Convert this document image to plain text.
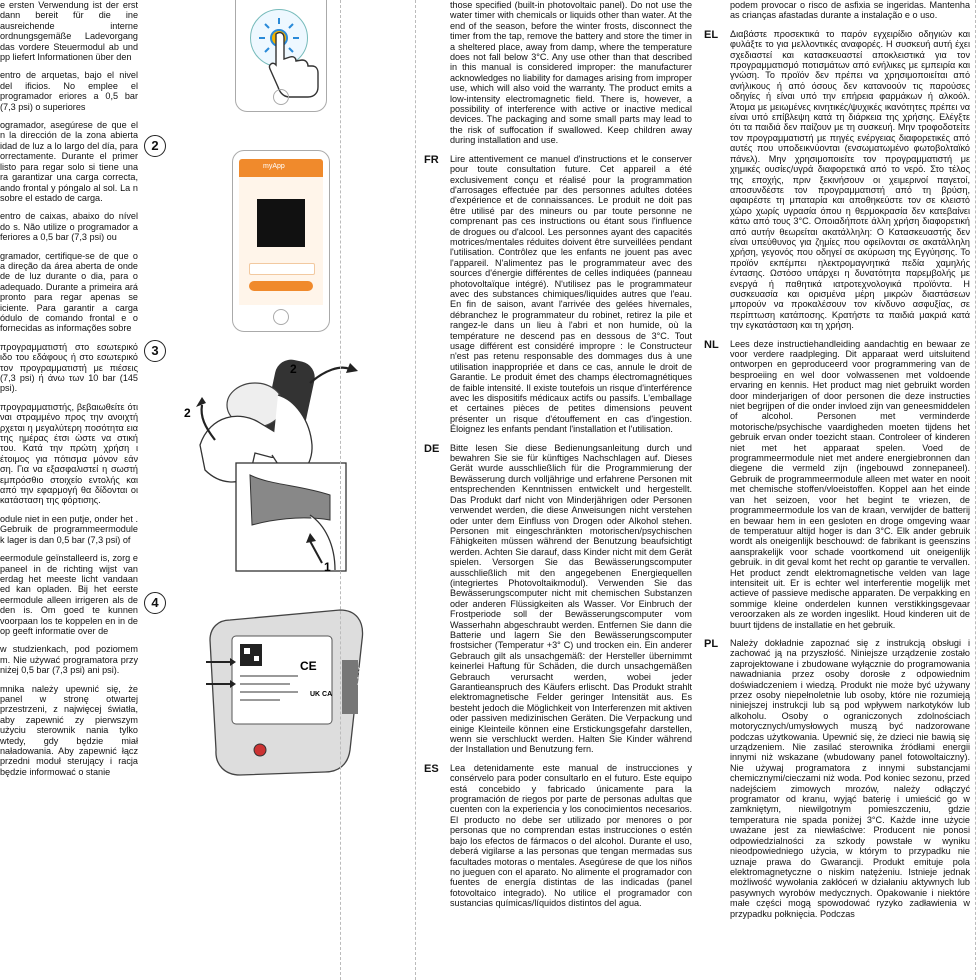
e ersten Verwendung ist der erst dann bereit für die ine ausreichende interne ordnungsgemäße Ladevorgang das vordere Steuermodul ab und pp liefert Informationen über den

entro de arquetas, bajo el nivel del ificios. No emplee el programador eriores a 0,5 bar (7,3 psi) o superiores

ogramador, asegúrese de que el n la dirección de la zona abierta idad de luz a lo largo del día, para orrectamente. Durante el primer listo para regar solo si tiene una ra garantizar una carga correcta, ando frontal y póngalo al sol. La n sobre el estado de carga.

entro de caixas, abaixo do nível do s. Não utilize o programador a feriores a 0,5 bar (7,3 psi) ou

gramador, certifique-se de que o a direção da área aberta de onde de de luz durante o dia, para o adequado. Durante a primeira ará pronto para regar apenas se iciente. Para garantir a carga ódulo de comando frontal e o fornecidas as informações sobre

προγραμματιστή στο εσωτερικό ιδο του εδάφους ή στο εσωτερικό τον προγραμματιστή με πιέσεις (7,3 psi) ή άνω των 10 bar (145 psi).

προγραμματιστής, βεβαιωθείτε ότι ναι στραμμένο προς την ανοιχτή ρχεται η μεγαλύτερη ποσότητα εια της ημέρας έτσι ώστε να στική του. Κατά την πρώτη χρήση ι έτοιμος για πότισμα μόνον εάν ση. Για να εξασφαλιστεί η σωστή εμπρόσθιο στοιχείο εντολής και από την εφαρμογή θα δίδονται οι κατάσταση της φόρτισης.

odule niet in een putje, onder het . Gebruik de programmeermodule k lager is dan 0,5 bar (7,3 psi) of

eermodule geïnstalleerd is, zorg e paneel in de richting wijst van erdag het meeste licht vandaan ed kan opladen. Bij het eerste eermodule alleen irrigeren als de den is. Om goed te kunnen voorpaan los te koppelen en in de op geeft informatie over de

w studzienkach, pod poziomem m. Nie używać programatora przy niżej 0,5 bar (7,3 psi) ani psi).

mnika należy upewnić się, że panel w stronę otwartej przestrzeni, z najwięcej światła, aby zapewnić zy pierwszym użyciu sterownik nania tylko wtedy, gdy będzie miał naładowania. Aby zapewnić łącz przedni moduł sterujący i racja będzie informować o stanie

2
myApp
3
2
2
1
4
CE
UK CA
claber

those specified (built-in photovoltaic panel). Do not use the water timer with chemicals or liquids other than water. At the end of the season, before the winter frosts, disconnect the timer from the tap, remove the battery and store the timer in a sheltered place, away from damp, where the temperature does not fall below 3°C. Any use other than that described in this manual is considered improper: the manufacturer acknowledges no liability for damages arising from improper use, which will also void the warranty. The product emits a low-intensity electromagnetic field. There is, however, a possibility of interference with active or inactive medical devices. The packaging and some small parts may lead to the risk of suffocation if swallowed. Keep children away during installation and use.

FR Lire attentivement ce manuel d'instructions et le conserver pour toute consultation future. Cet appareil a été exclusivement conçu et réalisé pour la programmation d'arrosages effectuée par des personnes adultes dotées d'expérience et de connaissances. Le produit ne doit pas être utilisé par des mineurs ou par toute personne ne comprenant pas ces instructions ou étant sous l'influence de drogues ou d'alcool. Les personnes ayant des capacités motrices/mentales réduites doivent être surveillées pendant l'utilisation. Contrôlez que les enfants ne jouent pas avec l'appareil. N'alimentez pas le programmateur avec des sources d'énergie différentes de celles indiquées (panneau photovoltaïque intégré). N'utilisez pas le programmateur avec des substances chimiques/liquides autres que l'eau. En fin de saison, avant l'arrivée des gelées hivernales, débranchez le programmateur du robinet, retirez la pile et rangez-le dans un lieu à l'abri et non humide, où la température ne descend pas en dessous de 3°C. Tout usage différent est considéré impropre : le Constructeur n'est pas retenu responsable des dommages dus à une utilisation inappropriée et dans ce cas, annule le droit de Garantie. Le produit émet des champs électromagnétiques de faible intensité. Il existe toutefois un risque d'interférence avec les dispositifs médicaux actifs ou passifs. L'emballage et certaines pièces de petites dimensions peuvent présenter un risque d'étouffement en cas d'ingestion. Éloignez les enfants pendant l'installation et l'utilisation.

DE Bitte lesen Sie diese Bedienungsanleitung durch und bewahren Sie sie für künftiges Nachschlagen auf. Dieses Gerät wurde ausschließlich für die Programmierung der Bewässerung durch volljährige und erfahrene Personen mit entsprechenden Kenntnissen entwickelt und hergestellt. Das Produkt darf nicht von Minderjährigen oder Personen verwendet werden, die diese Anweisungen nicht verstehen oder unter dem Einfluss von Drogen oder Alkohol stehen. Personen mit eingeschränkten motorischen/psychischen Fähigkeiten müssen während der Benutzung beaufsichtigt werden. Achten Sie darauf, dass Kinder nicht mit dem Gerät spielen. Versorgen Sie das Bewässerungscomputer ausschließlich mit den angegebenen Energiequellen (integriertes Photovoltaikmodul). Verwenden Sie das Bewässerungscomputer nicht mit chemischen Substanzen oder anderen Flüssigkeiten als Wasser. Vor Einbruch der Frostperiode soll der Bewässerungscomputer vom Wasserhahn abgeschraubt werden. Entfernen Sie dann die Batterie und lagern Sie den Bewässerungscomputer frostsicher (Temperatur +3° C) und trocken ein. Ein anderer Gebrauch gilt als unsachgemäß: der Hersteller übernimmt keinerlei Haftung für Schäden, die durch unsachgemäßen Gebrauch verursacht werden, wobei jeder Garantieanspruch des Käufers erlischt. Das Produkt strahlt elektromagnetische Felder geringer Intensität aus. Es besteht jedoch die Möglichkeit von Interferenzen mit aktiven oder passiven medizinischen Geräten. Die Verpackung und einige Kleinteile können eine Erstickungsgefahr darstellen, wenn sie verschluckt werden. Halten Sie Kinder während der Installation und Benutzung fern.

ES Lea detenidamente este manual de instrucciones y consérvelo para poder consultarlo en el futuro. Este equipo está concebido y fabricado únicamente para la programación de riegos por parte de personas adultas que cuenten con la experiencia y los conocimientos necesarios. El producto no debe ser utilizado por menores o por personas que no comprendan estas instrucciones o estén bajo los efectos de fármacos o del alcohol. Durante el uso, deberá vigilarse a las personas que tengan mermadas sus facultades motoras o mentales. Asegúrese de que los niños no jueguen con el aparato. No alimente el programador con fuentes de energía distintas de las indicadas (panel fotovoltaico integrado). No utilice el programador con sustancias químicas/líquidos distintos del agua.

podem provocar o risco de asfixia se ingeridas. Mantenha as crianças afastadas durante a instalação e o uso.

EL Διαβάστε προσεκτικά το παρόν εγχειρίδιο οδηγιών και φυλάξτε το για μελλοντικές αναφορές. Η συσκευή αυτή έχει σχεδιαστεί και κατασκευαστεί αποκλειστικά για τον προγραμματισμό ποτισμάτων από ενήλικες με εμπειρία και γνώση. Το προϊόν δεν πρέπει να χρησιμοποιείται από ανήλικους ή από όσους δεν κατανοούν τις παρούσες οδηγίες ή είναι υπό την επήρεια φαρμάκων ή αλκοόλ. Άτομα με μειωμένες κινητικές/ψυχικές ικανότητες πρέπει να είναι υπό επίβλεψη κατά τη διάρκεια της χρήσης. Ελέγξτε ότι τα παιδιά δεν παίζουν με τη συσκευή. Μην τροφοδοτείτε τον προγραμματιστή με πηγές ενέργειας διαφορετικές από αυτές που υποδεικνύονται (ενσωματωμένο φωτοβολταϊκό πάνελ). Μην χρησιμοποιείτε τον προγραμματιστή με χημικές ουσίες/υγρά διαφορετικά από το νερό. Στο τέλος της εποχής, πριν ξεκινήσουν οι χειμερινοί παγετοί, αποσυνδέστε τον προγραμματιστή από τη βρύση, αφαιρέστε τη μπαταρία και αποθηκεύστε τον σε κλειστό χώρο χωρίς υγρασία όπου η θερμοκρασία δεν κατεβαίνει κάτω από τους 3°C. Οποιαδήποτε άλλη χρήση διαφορετική από αυτήν θεωρείται ακατάλληλη: Ο Κατασκευαστής δεν είναι υπεύθυνος για ζημίες που οφείλονται σε ακατάλληλη χρήση, γεγονός που οδηγεί σε ακύρωση της Εγγύησης. Το προϊόν εκπέμπει ηλεκτρομαγνητικά πεδία χαμηλής έντασης. Ωστόσο υπάρχει η δυνατότητα παρεμβολής με ενεργά ή παθητικά ιατροτεχνολογικά προϊόντα. Η συσκευασία και ορισμένα μέρη μικρών διαστάσεων μπορούν να προκαλέσουν τον κίνδυνο ασφυξίας, σε περίπτωση κατάποσης. Κρατήστε τα παιδιά μακριά κατά την εγκατάσταση και τη χρήση.

NL Lees deze instructiehandleiding aandachtig en bewaar ze voor verdere raadpleging. Dit apparaat werd uitsluitend ontworpen en geproduceerd voor programmering van de besproeiing en wel door volwassenen met voldoende ervaring en kennis. Het product mag niet gebruikt worden door minderjarigen of door personen die deze instructies niet begrijpen of die onder invloed zijn van geneesmiddelen of alcohol. Personen met verminderde motorische/psychische vaardigheden moeten tijdens het gebruik ervan onder toezicht staan. Controleer of kinderen niet met het apparaat spelen. Voed de programmeermodule niet met andere energiebronnen dan diegene die vermeld zijn (ingebouwd zonnepaneel). Gebruik de programmeermodule alleen met water en nooit met chemische stoffen/vloeistoffen. Koppel aan het einde van het seizoen, voor het begint te vriezen, de programmeermodule los van de kraan, verwijder de batterij en bewaar hem in een gesloten en droge omgeving waar de temperatuur altijd hoger is dan 3°C. Elk ander gebruik wordt als oneigenlijk beschouwd: de fabrikant is geenszins aansprakelijk voor schade voortkomend uit oneigenlijk gebruik. in dit geval komt het recht op garantie te vervallen. Het product zendt elektromagnetische velden van lage intensiteit uit. Er is echter wel interferentie mogelijk met actieve of passieve medische apparaten. De verpakking en sommige kleine onderdelen kunnen verstikkingsgevaar veroorzaken als ze worden ingeslikt. Houd kinderen uit de buurt tijdens de installatie en het gebruik.

PL Należy dokładnie zapoznać się z instrukcją obsługi i zachować ją na przyszłość. Niniejsze urządzenie zostało zaprojektowane i zbudowane wyłącznie do programowania nawadniania przez osoby dorosłe z odpowiednim doświadczeniem i wiedzą. Produkt nie może być używany przez osoby niepełnoletnie lub osoby, które nie rozumieją niniejszej instrukcji lub są pod wpływem narkotyków lub alkoholu. Osoby o ograniczonych zdolnościach motorycznych/umysłowych muszą być nadzorowane podczas użytkowania. Upewnić się, że dzieci nie bawią się urządzeniem. Nie zasilać sterownika źródłami energii innymi niż wskazane (wbudowany panel fotowoltaiczny). Nie używaj programatora z innymi substancjami chemicznymi/cieczami niż woda. Pod koniec sezonu, przed nadejściem zimowych mrozów, należy odłączyć programator od kranu, wyjąć baterię i umieścić go w zamkniętym, niewilgotnym pomieszczeniu, gdzie temperatura nie spada poniżej 3°C. Każde inne użycie uważane jest za niewłaściwe: Producent nie ponosi odpowiedzialności za szkody powstałe w wyniku nieodpowiedniego użycia, w którym to przypadku nie uznaje prawa do Gwarancji. Produkt emituje pola elektromagnetyczne o niskim natężeniu. Istnieje jednak możliwość wywołania zakłóceń w działaniu aktywnych lub pasywnych wyrobów medycznych. Opakowanie i niektóre małe części mogą spowodować ryzyko zadławienia w przypadku połknięcia. Podczas
